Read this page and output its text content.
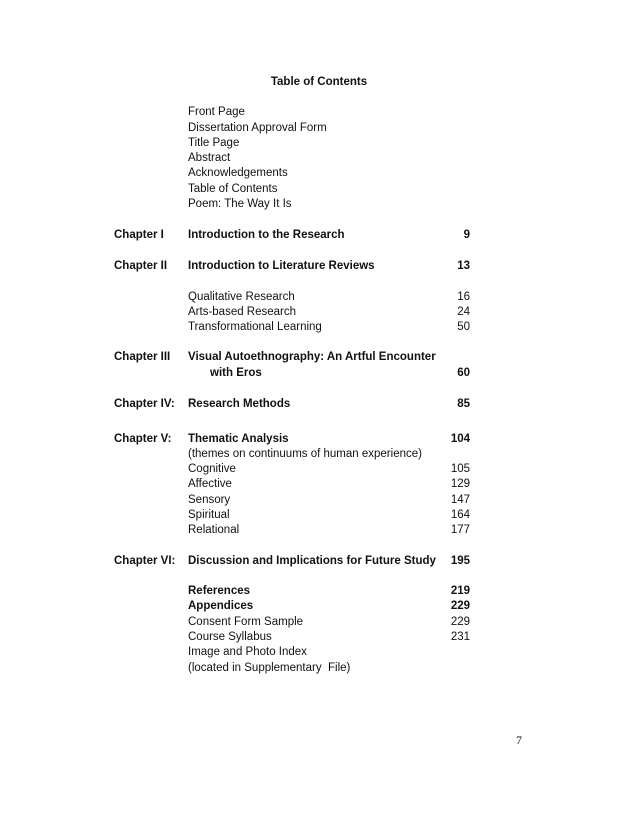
Table of Contents
Front Page
Dissertation Approval Form
Title Page
Abstract
Acknowledgements
Table of Contents
Poem: The Way It Is
Chapter I Introduction to the Research	9
Chapter II Introduction to Literature Reviews	13
Qualitative Research	16
Arts-based Research	24
Transformational Learning	50
Chapter III Visual Autoethnography: An Artful Encounter
with Eros	60
Chapter IV: Research Methods	85
Chapter V: Thematic Analysis	104
(themes on continuums of human experience)
Cognitive	105
Affective	129
Sensory	147
Spiritual	164
Relational	177
Chapter VI: Discussion and Implications for Future Study 195
References	219
Appendices	229
Consent Form Sample	229
Course Syllabus	231
Image and Photo Index
(located in Supplementary  File)
7
